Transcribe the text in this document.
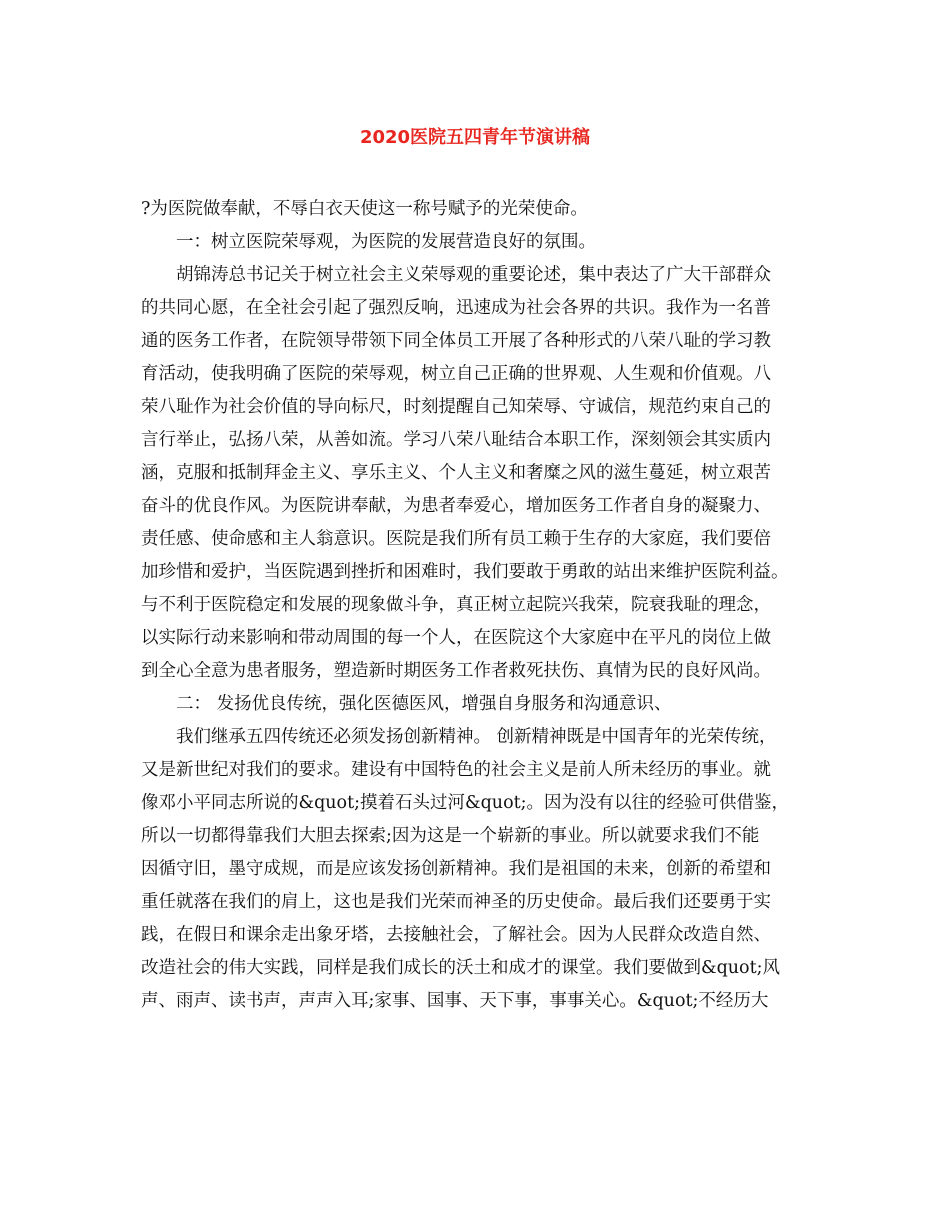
2020医院五四青年节演讲稿
?为医院做奉献，不辱白衣天使这一称号赋予的光荣使命。
一：树立医院荣辱观，为医院的发展营造良好的氛围。
胡锦涛总书记关于树立社会主义荣辱观的重要论述，集中表达了广大干部群众
的共同心愿，在全社会引起了强烈反响，迅速成为社会各界的共识。我作为一名普
通的医务工作者，在院领导带领下同全体员工开展了各种形式的八荣八耻的学习教
育活动，使我明确了医院的荣辱观，树立自己正确的世界观、人生观和价值观。八
荣八耻作为社会价值的导向标尺，时刻提醒自己知荣辱、守诚信，规范约束自己的
言行举止，弘扬八荣，从善如流。学习八荣八耻结合本职工作，深刻领会其实质内
涵，克服和抵制拜金主义、享乐主义、个人主义和奢糜之风的滋生蔓延，树立艰苦
奋斗的优良作风。为医院讲奉献，为患者奉爱心，增加医务工作者自身的凝聚力、
责任感、使命感和主人翁意识。医院是我们所有员工赖于生存的大家庭，我们要倍
加珍惜和爱护，当医院遇到挫折和困难时，我们要敢于勇敢的站出来维护医院利益。
与不利于医院稳定和发展的现象做斗争，真正树立起院兴我荣，院衰我耻的理念，
以实际行动来影响和带动周围的每一个人，在医院这个大家庭中在平凡的岗位上做
到全心全意为患者服务，塑造新时期医务工作者救死扶伤、真情为民的良好风尚。
二： 发扬优良传统，强化医德医风，增强自身服务和沟通意识、
我们继承五四传统还必须发扬创新精神。 创新精神既是中国青年的光荣传统，
又是新世纪对我们的要求。建设有中国特色的社会主义是前人所未经历的事业。就
像邓小平同志所说的&quot;摸着石头过河&quot;。因为没有以往的经验可供借鉴，
所以一切都得靠我们大胆去探索;因为这是一个崭新的事业。所以就要求我们不能
因循守旧，墨守成规，而是应该发扬创新精神。我们是祖国的未来，创新的希望和
重任就落在我们的肩上，这也是我们光荣而神圣的历史使命。最后我们还要勇于实
践，在假日和课余走出象牙塔，去接触社会，了解社会。因为人民群众改造自然、
改造社会的伟大实践，同样是我们成长的沃土和成才的课堂。我们要做到&quot;风
声、雨声、读书声，声声入耳;家事、国事、天下事，事事关心。&quot;不经历大
